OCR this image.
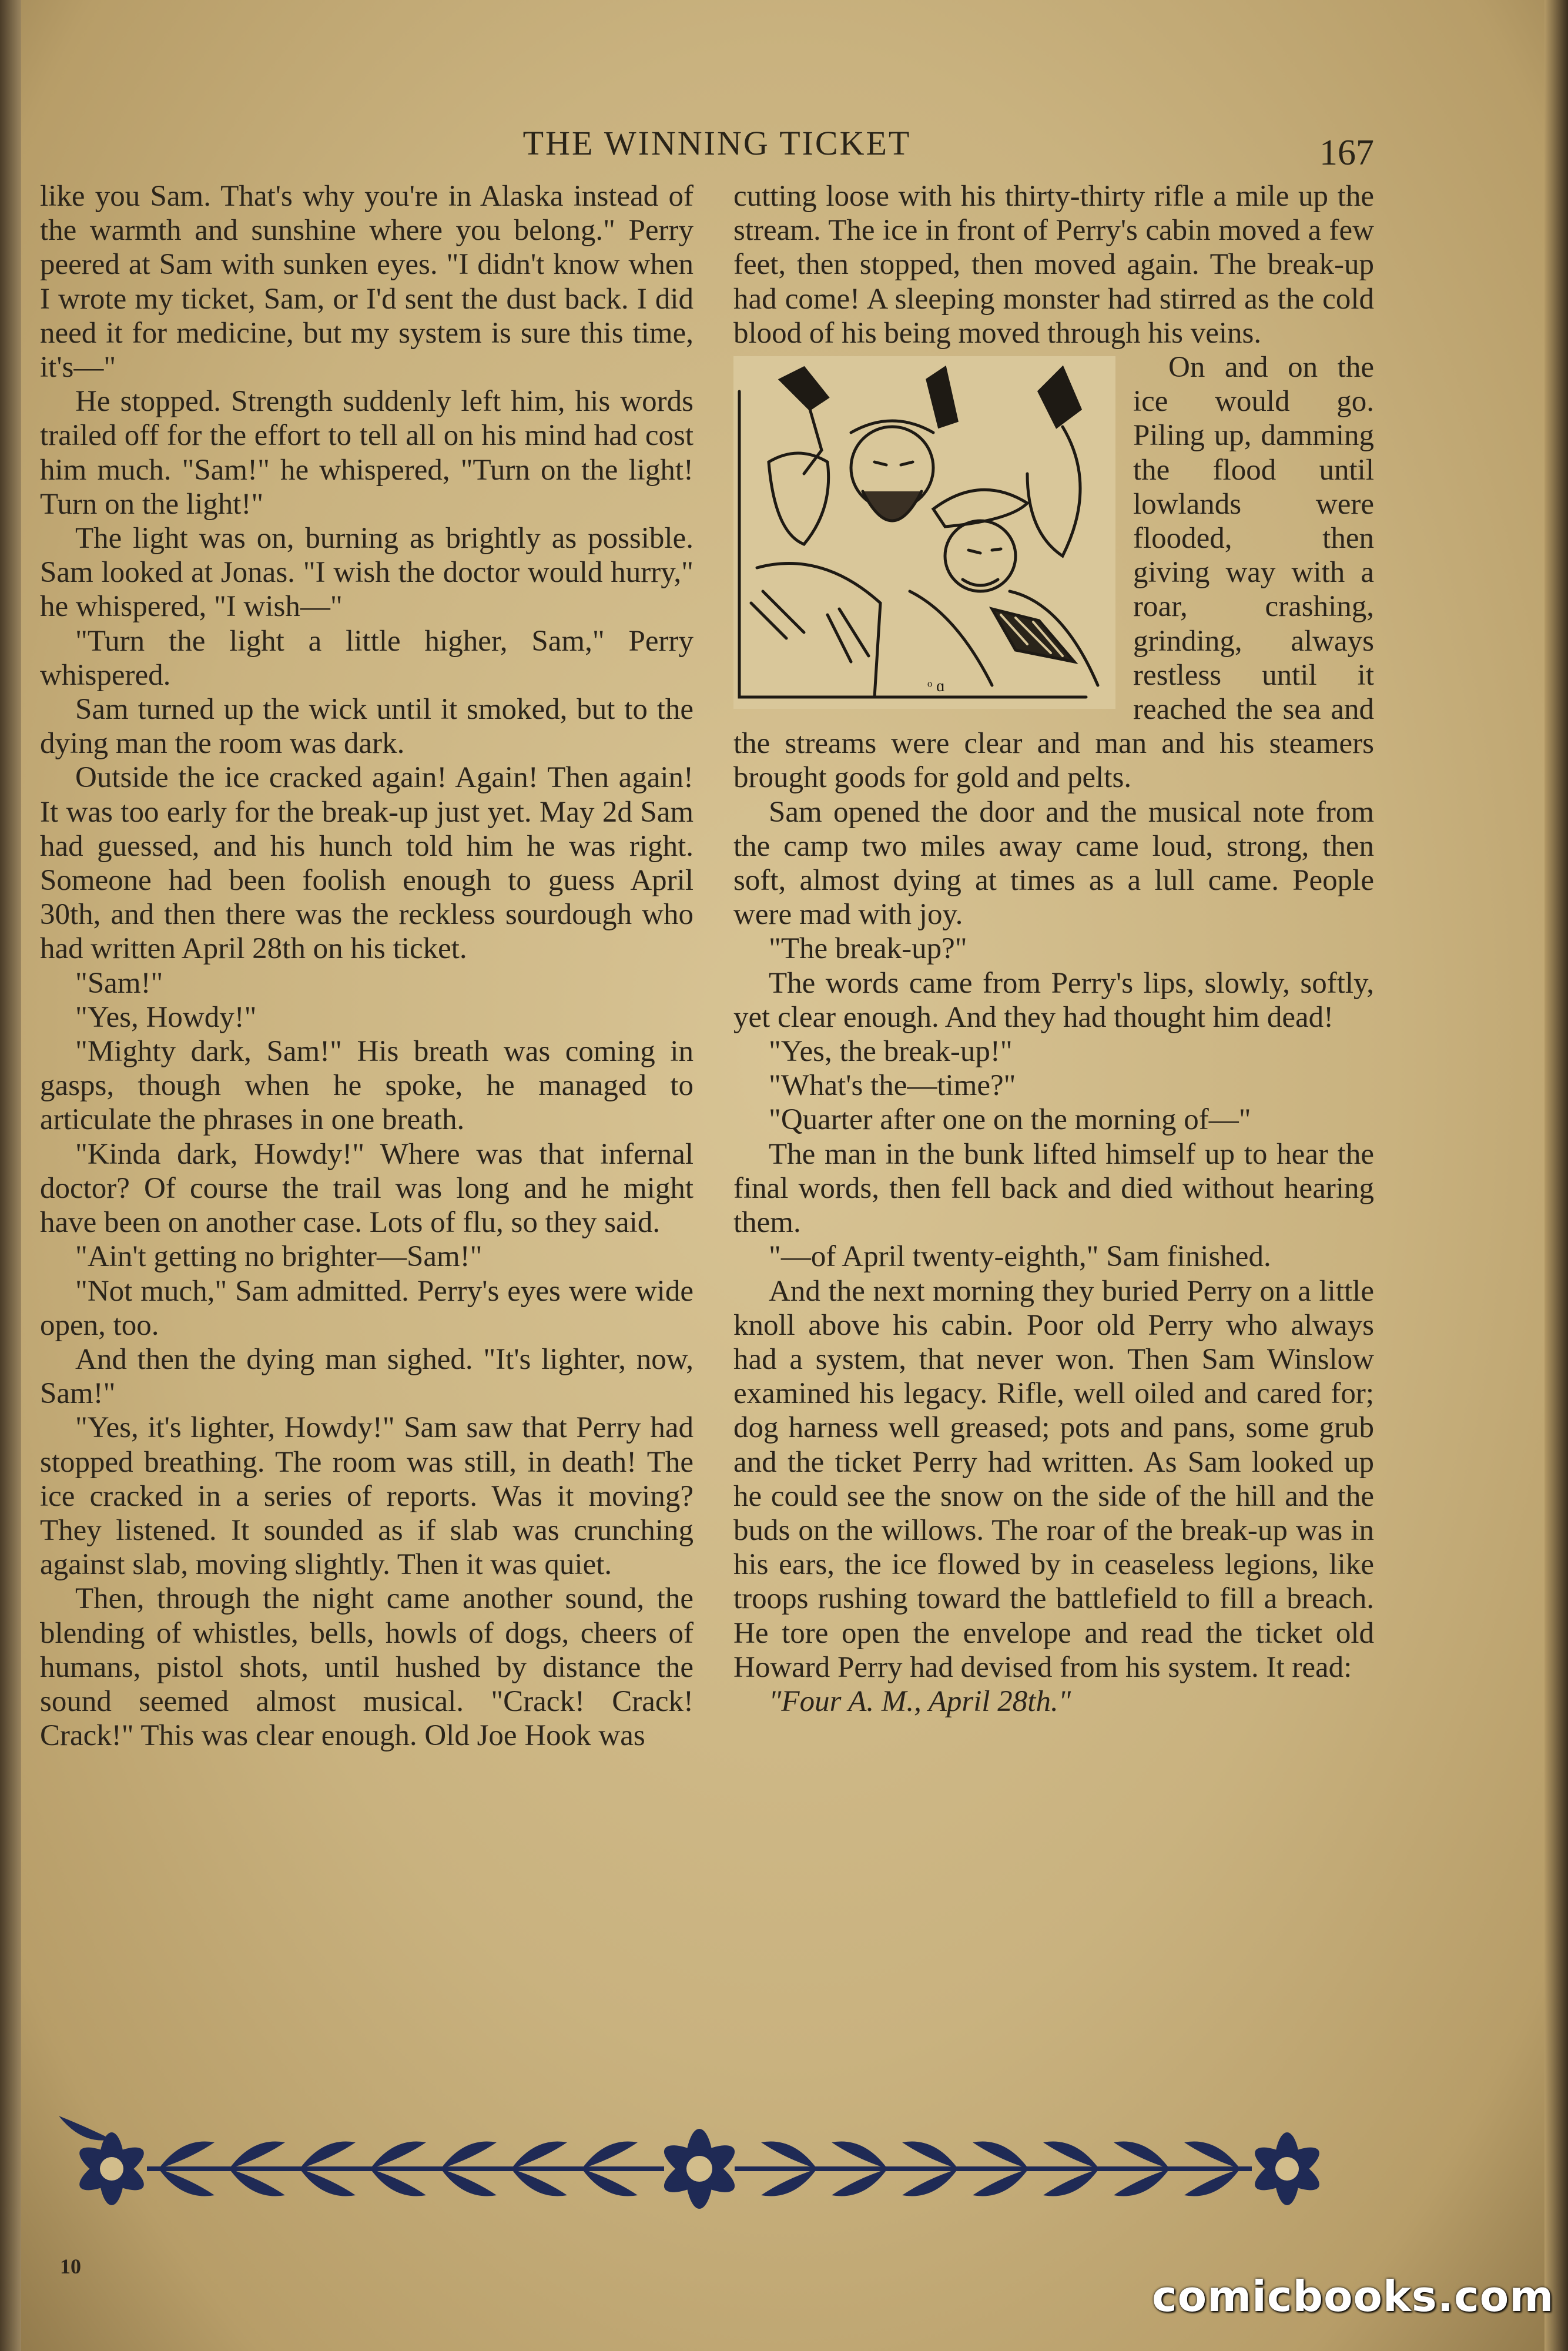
THE WINNING TICKET	167

like you Sam. That's why you're in Alaska instead of the warmth and sunshine where you belong." Perry peered at Sam with sunken eyes. "I didn't know when I wrote my ticket, Sam, or I'd sent the dust back. I did need it for medicine, but my system is sure this time, it's—"

He stopped. Strength suddenly left him, his words trailed off for the effort to tell all on his mind had cost him much. "Sam!" he whispered, "Turn on the light! Turn on the light!"

The light was on, burning as brightly as possible. Sam looked at Jonas. "I wish the doctor would hurry," he whispered, "I wish—"

"Turn the light a little higher, Sam," Perry whispered.

Sam turned up the wick until it smoked, but to the dying man the room was dark.

Outside the ice cracked again! Again! Then again! It was too early for the break-up just yet. May 2d Sam had guessed, and his hunch told him he was right. Someone had been foolish enough to guess April 30th, and then there was the reckless sourdough who had written April 28th on his ticket.

"Sam!"

"Yes, Howdy!"

"Mighty dark, Sam!" His breath was coming in gasps, though when he spoke, he managed to articulate the phrases in one breath.

"Kinda dark, Howdy!" Where was that infernal doctor? Of course the trail was long and he might have been on another case. Lots of flu, so they said.

"Ain't getting no brighter—Sam!"

"Not much," Sam admitted. Perry's eyes were wide open, too.

And then the dying man sighed. "It's lighter, now, Sam!"

"Yes, it's lighter, Howdy!" Sam saw that Perry had stopped breathing. The room was still, in death! The ice cracked in a series of reports. Was it moving? They listened. It sounded as if slab was crunching against slab, moving slightly. Then it was quiet.

Then, through the night came another sound, the blending of whistles, bells, howls of dogs, cheers of humans, pistol shots, until hushed by distance the sound seemed almost musical. "Crack! Crack! Crack!" This was clear enough. Old Joe Hook was

cutting loose with his thirty-thirty rifle a mile up the stream. The ice in front of Perry's cabin moved a few feet, then stopped, then moved again. The break-up had come! A sleeping monster had stirred as the cold blood of his being moved through his veins.

ᵒ ɑ

On and on the ice would go. Piling up, damming the flood until lowlands were flooded, then giving way with a roar, crashing, grinding, always restless until it reached the sea and the streams were clear and man and his steamers brought goods for gold and pelts.

Sam opened the door and the musical note from the camp two miles away came loud, strong, then soft, almost dying at times as a lull came. People were mad with joy.

"The break-up?"

The words came from Perry's lips, slowly, softly, yet clear enough. And they had thought him dead!

"Yes, the break-up!"

"What's the—time?"

"Quarter after one on the morning of—"

The man in the bunk lifted himself up to hear the final words, then fell back and died without hearing them.

"—of April twenty-eighth," Sam finished.

And the next morning they buried Perry on a little knoll above his cabin. Poor old Perry who always had a system, that never won. Then Sam Winslow examined his legacy. Rifle, well oiled and cared for; dog harness well greased; pots and pans, some grub and the ticket Perry had written. As Sam looked up he could see the snow on the side of the hill and the buds on the willows. The roar of the break-up was in his ears, the ice flowed by in ceaseless legions, like troops rushing toward the battlefield to fill a breach. He tore open the envelope and read the ticket old Howard Perry had devised from his system. It read:

"Four A. M., April 28th."

10
comicbooks.com
